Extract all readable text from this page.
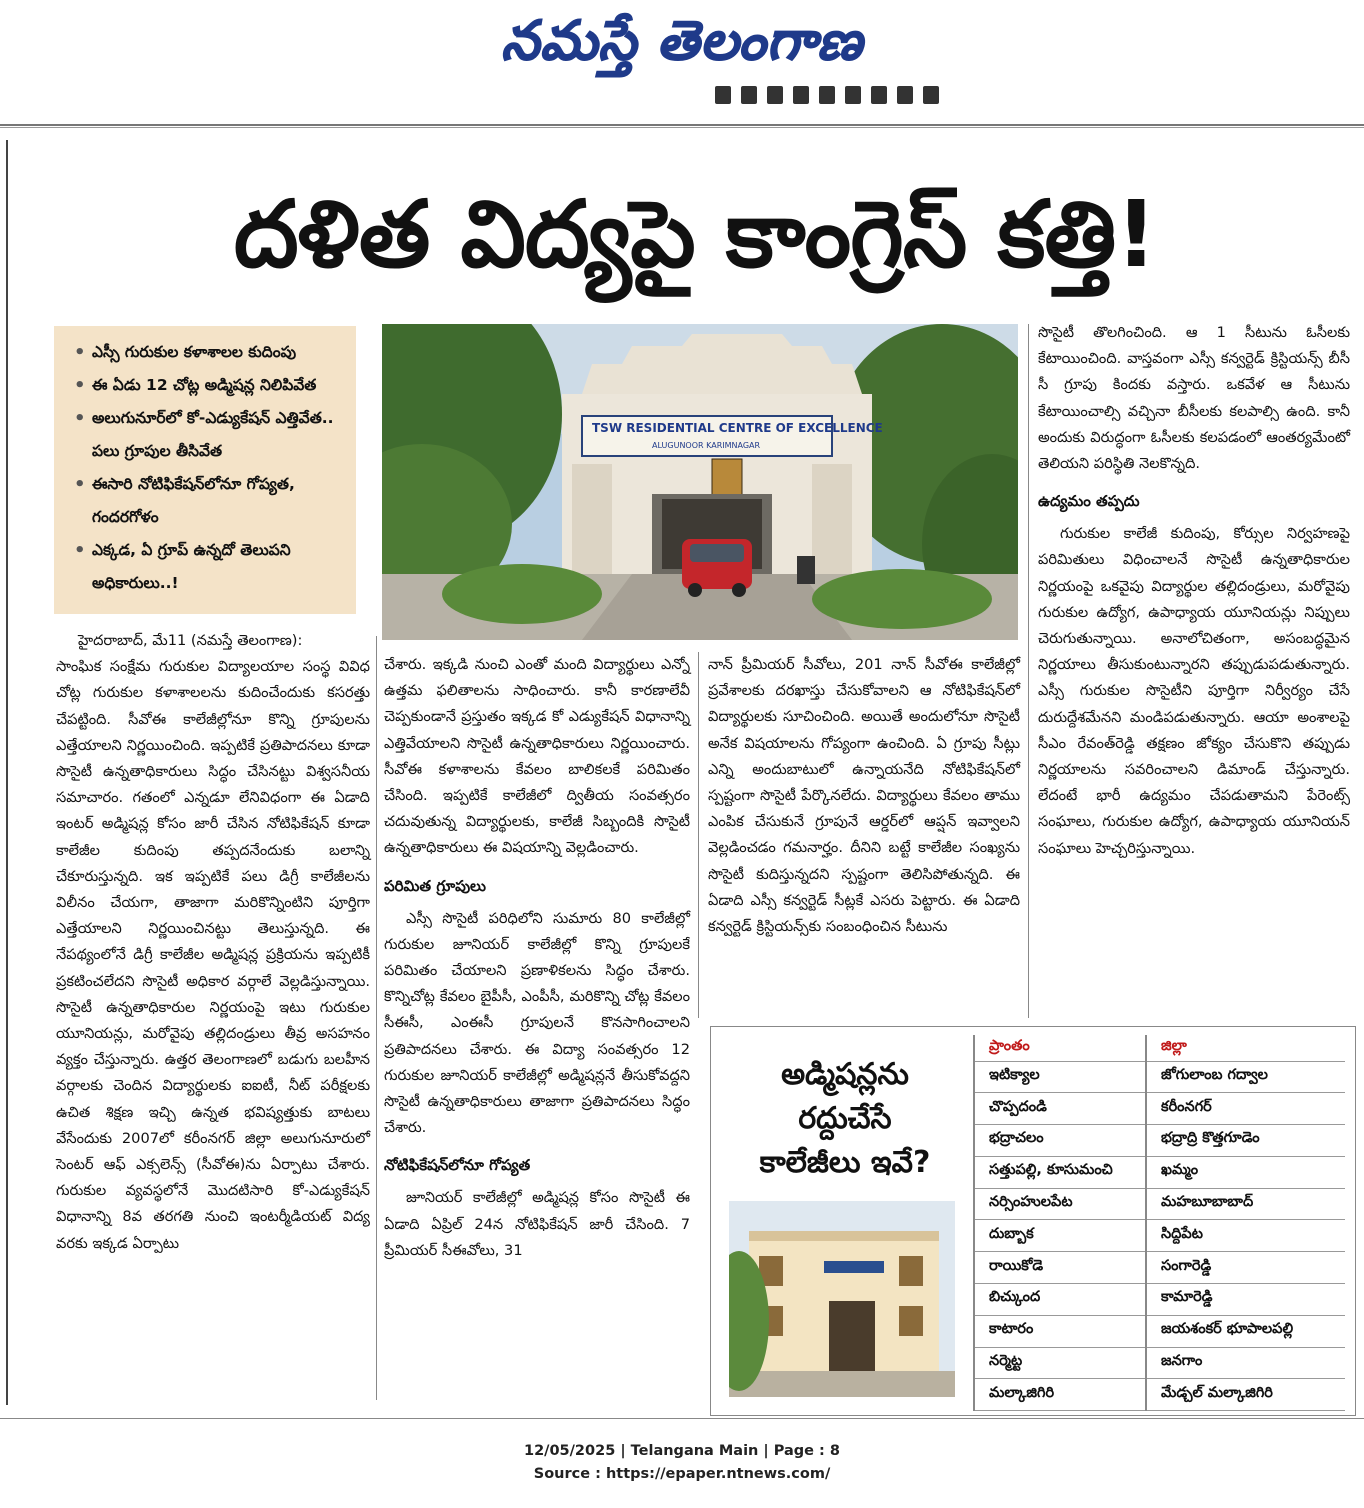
నమస్తే తెలంగాణ
దళిత విద్యపై కాంగ్రెస్ కత్తి!
• ఎస్సీ గురుకుల కళాశాలల కుదింపు
• ఈ ఏడు 12 చోట్ల అడ్మిషన్ల నిలిపివేత
• అలుగునూర్‌లో కో-ఎడ్యుకేషన్ ఎత్తివేత.. పలు గ్రూపుల తీసివేత
• ఈసారి నోటిఫికేషన్‌లోనూ గోప్యత, గందరగోళం
• ఎక్కడ, ఏ గ్రూప్ ఉన్నదో తెలుపని అధికారులు..!
TSW RESIDENTIAL CENTRE OF EXCELLENCE
ALUGUNOOR KARIMNAGAR

హైదరాబాద్, మే11 (నమస్తే తెలంగాణ):

సాంఘిక సంక్షేమ గురుకుల విద్యాలయాల సంస్థ వివిధ చోట్ల గురుకుల కళాశాలలను కుదించేందుకు కసరత్తు చేపట్టింది. సీవోఈ కాలేజీల్లోనూ కొన్ని గ్రూపులను ఎత్తేయాలని నిర్ణయించింది. ఇప్పటికే ప్రతిపాదనలు కూడా సొసైటీ ఉన్నతాధికారులు సిద్ధం చేసినట్టు విశ్వసనీయ సమాచారం. గతంలో ఎన్నడూ లేనివిధంగా ఈ ఏడాది ఇంటర్ అడ్మిషన్ల కోసం జారీ చేసిన నోటిఫికేషన్ కూడా కాలేజీల కుదింపు తప్పదనేందుకు బలాన్ని చేకూరుస్తున్నది. ఇక ఇప్పటికే పలు డిగ్రీ కాలేజీలను విలీనం చేయగా, తాజాగా మరికొన్నింటిని పూర్తిగా ఎత్తేయాలని నిర్ణయించినట్టు తెలుస్తున్నది. ఈ నేపథ్యంలోనే డిగ్రీ కాలేజీల అడ్మిషన్ల ప్రక్రియను ఇప్పటికీ ప్రకటించలేదని సొసైటీ అధికార వర్గాలే వెల్లడిస్తున్నాయి. సొసైటీ ఉన్నతాధికారుల నిర్ణయంపై ఇటు గురుకుల యూనియన్లు, మరోవైపు తల్లిదండ్రులు తీవ్ర అసహనం వ్యక్తం చేస్తున్నారు. ఉత్తర తెలంగాణలో బడుగు బలహీన వర్గాలకు చెందిన విద్యార్థులకు ఐఐటీ, నీట్ పరీక్షలకు ఉచిత శిక్షణ ఇచ్చి ఉన్నత భవిష్యత్తుకు బాటలు వేసేందుకు 2007లో కరీంనగర్ జిల్లా అలుగునూరులో సెంటర్ ఆఫ్ ఎక్సలెన్స్ (సీవోఈ)ను ఏర్పాటు చేశారు. గురుకుల వ్యవస్థలోనే మొదటిసారి కో-ఎడ్యుకేషన్ విధానాన్ని 8వ తరగతి నుంచి ఇంటర్మీడియట్ విద్య వరకు ఇక్కడ ఏర్పాటు

చేశారు. ఇక్కడి నుంచి ఎంతో మంది విద్యార్థులు ఎన్నో ఉత్తమ ఫలితాలను సాధించారు. కానీ కారణాలేవీ చెప్పకుండానే ప్రస్తుతం ఇక్కడ కో ఎడ్యుకేషన్ విధానాన్ని ఎత్తివేయాలని సొసైటీ ఉన్నతాధికారులు నిర్ణయించారు. సీవోఈ కళాశాలను కేవలం బాలికలకే పరిమితం చేసింది. ఇప్పటికే కాలేజీలో ద్వితీయ సంవత్సరం చదువుతున్న విద్యార్థులకు, కాలేజీ సిబ్బందికి సొసైటీ ఉన్నతాధికారులు ఈ విషయాన్ని వెల్లడించారు.

పరిమిత గ్రూపులు

ఎస్సీ సొసైటీ పరిధిలోని సుమారు 80 కాలేజీల్లో గురుకుల జూనియర్ కాలేజీల్లో కొన్ని గ్రూపులకే పరిమితం చేయాలని ప్రణాళికలను సిద్ధం చేశారు. కొన్నిచోట్ల కేవలం బైపీసీ, ఎంపీసీ, మరికొన్ని చోట్ల కేవలం సీఈసీ, ఎంఈసీ గ్రూపులనే కొనసాగించాలని ప్రతిపాదనలు చేశారు. ఈ విద్యా సంవత్సరం 12 గురుకుల జూనియర్ కాలేజీల్లో అడ్మిషన్లనే తీసుకోవద్దని సొసైటీ ఉన్నతాధికారులు తాజాగా ప్రతిపాదనలు సిద్ధం చేశారు.

నోటిఫికేషన్‌లోనూ గోప్యత

జూనియర్ కాలేజీల్లో అడ్మిషన్ల కోసం సొసైటీ ఈ ఏడాది ఏప్రిల్ 24న నోటిఫికేషన్ జారీ చేసింది. 7 ప్రీమియర్ సీఈవోలు, 31

నాన్ ప్రీమియర్ సీవోలు, 201 నాన్ సీవోఈ కాలేజీల్లో ప్రవేశాలకు దరఖాస్తు చేసుకోవాలని ఆ నోటిఫికేషన్‌లో విద్యార్థులకు సూచించింది. అయితే అందులోనూ సొసైటీ అనేక విషయాలను గోప్యంగా ఉంచింది. ఏ గ్రూపు సీట్లు ఎన్ని అందుబాటులో ఉన్నాయనేది నోటిఫికేషన్‌లో స్పష్టంగా సొసైటీ పేర్కొనలేదు. విద్యార్థులు కేవలం తాము ఎంపిక చేసుకునే గ్రూపునే ఆర్డర్‌లో ఆప్షన్ ఇవ్వాలని వెల్లడించడం గమనార్హం. దీనిని బట్టే కాలేజీల సంఖ్యను సొసైటీ కుదిస్తున్నదని స్పష్టంగా తెలిసిపోతున్నది. ఈ ఏడాది ఎస్సీ కన్వర్టెడ్ సీట్లకే ఎసరు పెట్టారు. ఈ ఏడాది కన్వర్టెడ్ క్రిస్టియన్స్‌కు సంబంధించిన సీటును

సొసైటీ తొలగించింది. ఆ 1 సీటును ఓసీలకు కేటాయించింది. వాస్తవంగా ఎస్సీ కన్వర్టెడ్ క్రిస్టియన్స్ బీసీ సీ గ్రూపు కిందకు వస్తారు. ఒకవేళ ఆ సీటును కేటాయించాల్సి వచ్చినా బీసీలకు కలపాల్సి ఉంది. కానీ అందుకు విరుద్ధంగా ఓసీలకు కలపడంలో ఆంతర్యమేంటో తెలియని పరిస్థితి నెలకొన్నది.

ఉద్యమం తప్పదు

గురుకుల కాలేజీ కుదింపు, కోర్సుల నిర్వహణపై పరిమితులు విధించాలనే సొసైటీ ఉన్నతాధికారుల నిర్ణయంపై ఒకవైపు విద్యార్థుల తల్లిదండ్రులు, మరోవైపు గురుకుల ఉద్యోగ, ఉపాధ్యాయ యూనియన్లు నిప్పులు చెరుగుతున్నాయి. అనాలోచితంగా, అసంబద్ధమైన నిర్ణయాలు తీసుకుంటున్నారని తప్పుడుపడుతున్నారు. ఎస్సీ గురుకుల సొసైటీని పూర్తిగా నిర్వీర్యం చేసే దురుద్దేశమేనని మండిపడుతున్నారు. ఆయా అంశాలపై సీఎం రేవంత్‌రెడ్డి తక్షణం జోక్యం చేసుకొని తప్పుడు నిర్ణయాలను సవరించాలని డిమాండ్ చేస్తున్నారు. లేదంటే భారీ ఉద్యమం చేపడుతామని పేరెంట్స్ సంఘాలు, గురుకుల ఉద్యోగ, ఉపాధ్యాయ యూనియన్ సంఘాలు హెచ్చరిస్తున్నాయి.

అడ్మిషన్లను
రద్దుచేసే
కాలేజీలు ఇవే?
ప్రాంతం	జిల్లా
ఇటిక్యాల	జోగులాంబ గద్వాల
చొప్పదండి	కరీంనగర్
భద్రాచలం	భద్రాద్రి కొత్తగూడెం
సత్తుపల్లి, కూసుమంచి	ఖమ్మం
నర్సింహులపేట	మహబూబాబాద్
దుబ్బాక	సిద్దిపేట
రాయికోడె	సంగారెడ్డి
బిచ్కుంద	కామారెడ్డి
కాటారం	జయశంకర్ భూపాలపల్లి
నర్మెట్ట	జనగాం
మల్కాజిగిరి	మేడ్చల్ మల్కాజిగిరి
12/05/2025 | Telangana Main | Page : 8
Source : https://epaper.ntnews.com/
